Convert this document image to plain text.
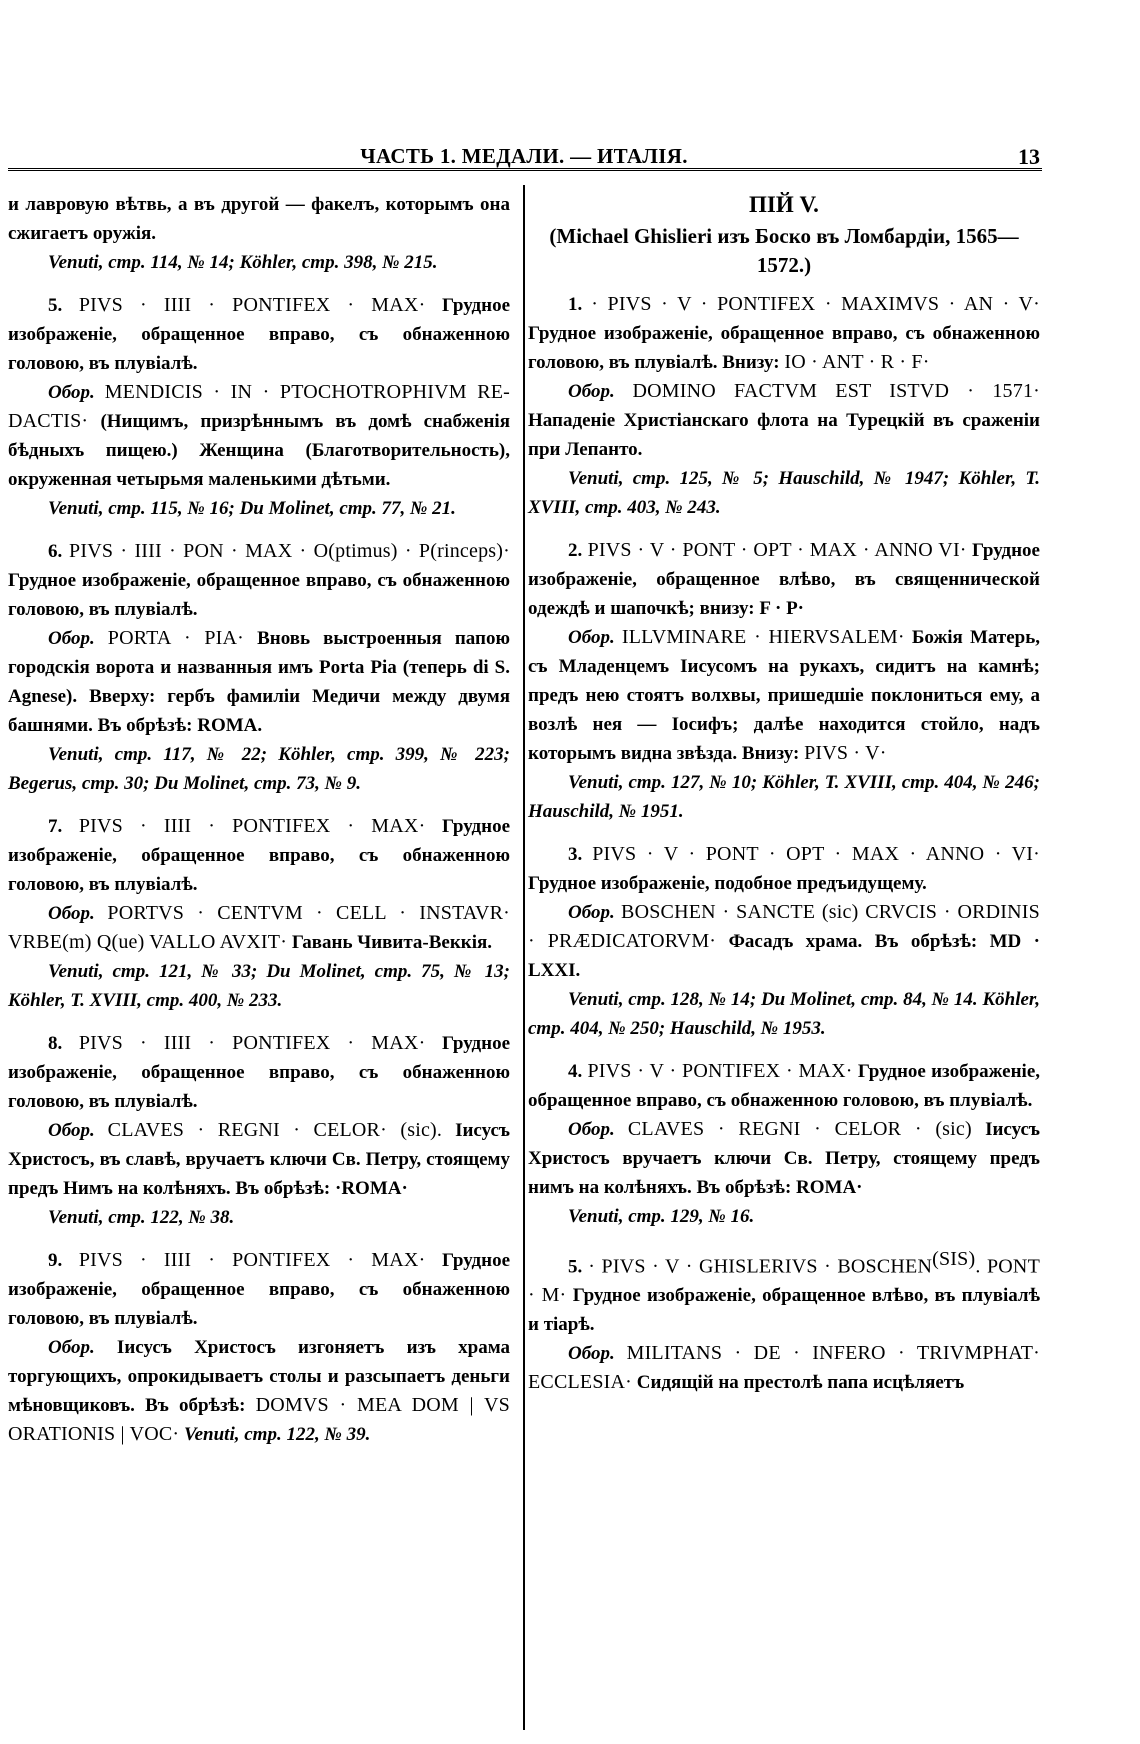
ЧАСТЬ 1. МЕДАЛИ. — ИТАЛІЯ.	13

и лавровую вѣтвь, а въ другой — факелъ, которымъ она сжигаетъ оружія.

Venuti, стр. 114, № 14; Köhler, стр. 398, № 215.

5. PIVS · IIII · PONTIFEX · MAX· Грудное изображеніе, обращенное вправо, съ обнаженною головою, въ плувіалѣ.

Обор. MENDICIS · IN · PTOCHOTROPHIVM RE- DACTIS· (Нищимъ, призрѣннымъ въ домѣ снабженія бѣдныхъ пищею.) Женщина (Благотворительность), окруженная четырьмя маленькими дѣтьми.

Venuti, стр. 115, № 16; Du Molinet, стр. 77, № 21.

6. PIVS · IIII · PON · MAX · O(ptimus) · P(rinceps)· Грудное изображеніе, обращенное вправо, съ обнаженною головою, въ плувіалѣ.

Обор. PORTA · PIA· Вновь выстроенныя папою городскія ворота и названныя имъ Porta Pia (теперь di S. Agnese). Вверху: гербъ фамиліи Медичи между двумя башнями. Въ обрѣзѣ: ROMA.

Venuti, стр. 117, № 22; Köhler, стр. 399, № 223; Begerus, стр. 30; Du Molinet, стр. 73, № 9.

7. PIVS · IIII · PONTIFEX · MAX· Грудное изображеніе, обращенное вправо, съ обнаженною головою, въ плувіалѣ.

Обор. PORTVS · CENTVM · CELL · INSTAVR· VRBE(m) Q(ue) VALLO AVXIT· Гавань Чивита-Веккія.

Venuti, стр. 121, № 33; Du Molinet, стр. 75, № 13; Köhler, T. XVIII, стр. 400, № 233.

8. PIVS · IIII · PONTIFEX · MAX· Грудное изображеніе, обращенное вправо, съ обнаженною головою, въ плувіалѣ.

Обор. CLAVES · REGNI · CELOR· (sic). Іисусъ Христосъ, въ славѣ, вручаетъ ключи Св. Петру, стоящему предъ Нимъ на колѣняхъ. Въ обрѣзѣ: ·ROMA·

Venuti, стр. 122, № 38.

9. PIVS · IIII · PONTIFEX · MAX· Грудное изображеніе, обращенное вправо, съ обнаженною головою, въ плувіалѣ.

Обор. Іисусъ Христосъ изгоняетъ изъ храма торгующихъ, опрокидываетъ столы и разсыпаетъ деньги мѣновщиковъ. Въ обрѣзѣ: DOMVS · MEA DOM | VS ORATIONIS | VOC· Venuti, стр. 122, № 39.

ПІЙ V.

(Michael Ghislieri изъ Боско въ Ломбардіи, 1565—1572.)

1. · PIVS · V · PONTIFEX · MAXIMVS · AN · V· Грудное изображеніе, обращенное вправо, съ обнаженною головою, въ плувіалѣ. Внизу: IO · ANT · R · F·

Обор. DOMINO FACTVM EST ISTVD · 1571· Нападеніе Христіанскаго флота на Турецкій въ сраженіи при Лепанто.

Venuti, стр. 125, № 5; Hauschild, № 1947; Köhler, T. XVIII, стр. 403, № 243.

2. PIVS · V · PONT · OPT · MAX · ANNO VI· Грудное изображеніе, обращенное влѣво, въ священнической одеждѣ и шапочкѣ; внизу: F · P·

Обор. ILLVMINARE · HIERVSALEM· Божія Матерь, съ Младенцемъ Іисусомъ на рукахъ, сидитъ на камнѣ; предъ нею стоятъ волхвы, пришедшіе поклониться ему, а возлѣ нея — Іосифъ; далѣе находится стойло, надъ которымъ видна звѣзда. Внизу: PIVS · V·

Venuti, стр. 127, № 10; Köhler, T. XVIII, стр. 404, № 246; Hauschild, № 1951.

3. PIVS · V · PONT · OPT · MAX · ANNO · VI· Грудное изображеніе, подобное предъидущему.

Обор. BOSCHEN · SANCTE (sic) CRVCIS · ORDINIS · PRÆDICATORVM· Фасадъ храма. Въ обрѣзѣ: MD · LXXI.

Venuti, стр. 128, № 14; Du Molinet, стр. 84, № 14. Köhler, стр. 404, № 250; Hauschild, № 1953.

4. PIVS · V · PONTIFEX · MAX· Грудное изображеніе, обращенное вправо, съ обнаженною головою, въ плувіалѣ.

Обор. CLAVES · REGNI · CELOR · (sic) Іисусъ Христосъ вручаетъ ключи Св. Петру, стоящему предъ нимъ на колѣняхъ. Въ обрѣзѣ: ROMA·

Venuti, стр. 129, № 16.

5. · PIVS · V · GHISLERIVS · $BOSCHEN^{(SIS)}$. PONT · M· Грудное изображеніе, обращенное влѣво, въ плувіалѣ и тіарѣ.

Обор. MILITANS · DE · INFERO · TRIVMPHAT· ECCLESIA· Сидящій на престолѣ папа исцѣляетъ
